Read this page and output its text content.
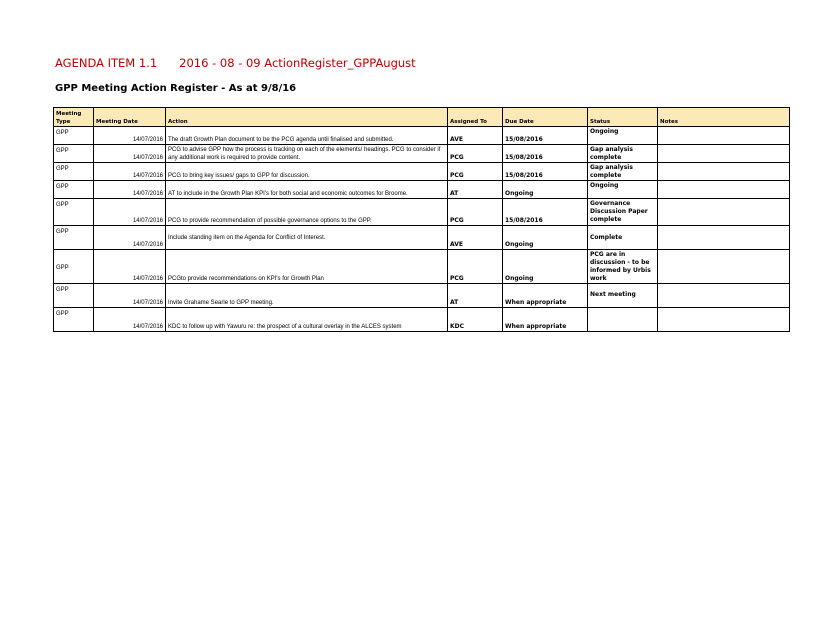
AGENDA ITEM 1.1 2016 - 08 - 09 ActionRegister_GPPAugust
GPP Meeting Action Register - As at 9/8/16
Meeting Type	Meeting Date	Action	Assigned To	Due Date	Status	Notes
GPP	14/07/2016	The draft Growth Plan document to be the PCG agenda until finalised and submitted.	AVE	15/08/2016	Ongoing	
GPP	14/07/2016	PCG to advise GPP how the process is tracking on each of the elements/ headings. PCG to consider if any additional work is required to provide content.	PCG	15/08/2016	Gap analysis complete	
GPP	14/07/2016	PCG to bring key issues/ gaps to GPP for discussion.	PCG	15/08/2016	Gap analysis complete	
GPP	14/07/2016	AT to include in the Growth Plan KPI's for both social and economic outcomes for Broome.	AT	Ongoing	Ongoing	
GPP	14/07/2016	PCG to provide recommendation of possible governance options to the GPP.	PCG	15/08/2016	Governance Discussion Paper complete	
GPP	14/07/2016	Include standing item on the Agenda for Conflict of Interest.	AVE	Ongoing	Complete	
GPP	14/07/2016	PCGto provide recommendations on KPI's for Growth Plan	PCG	Ongoing	PCG are in discussion - to be informed by Urbis work	
GPP	14/07/2016	Invite Grahame Searle to GPP meeting.	AT	When appropriate	Next meeting	
GPP	14/07/2016	KDC to follow up with Yawuru re: the prospect of a cultural overlay in the ALCES system	KDC	When appropriate		
